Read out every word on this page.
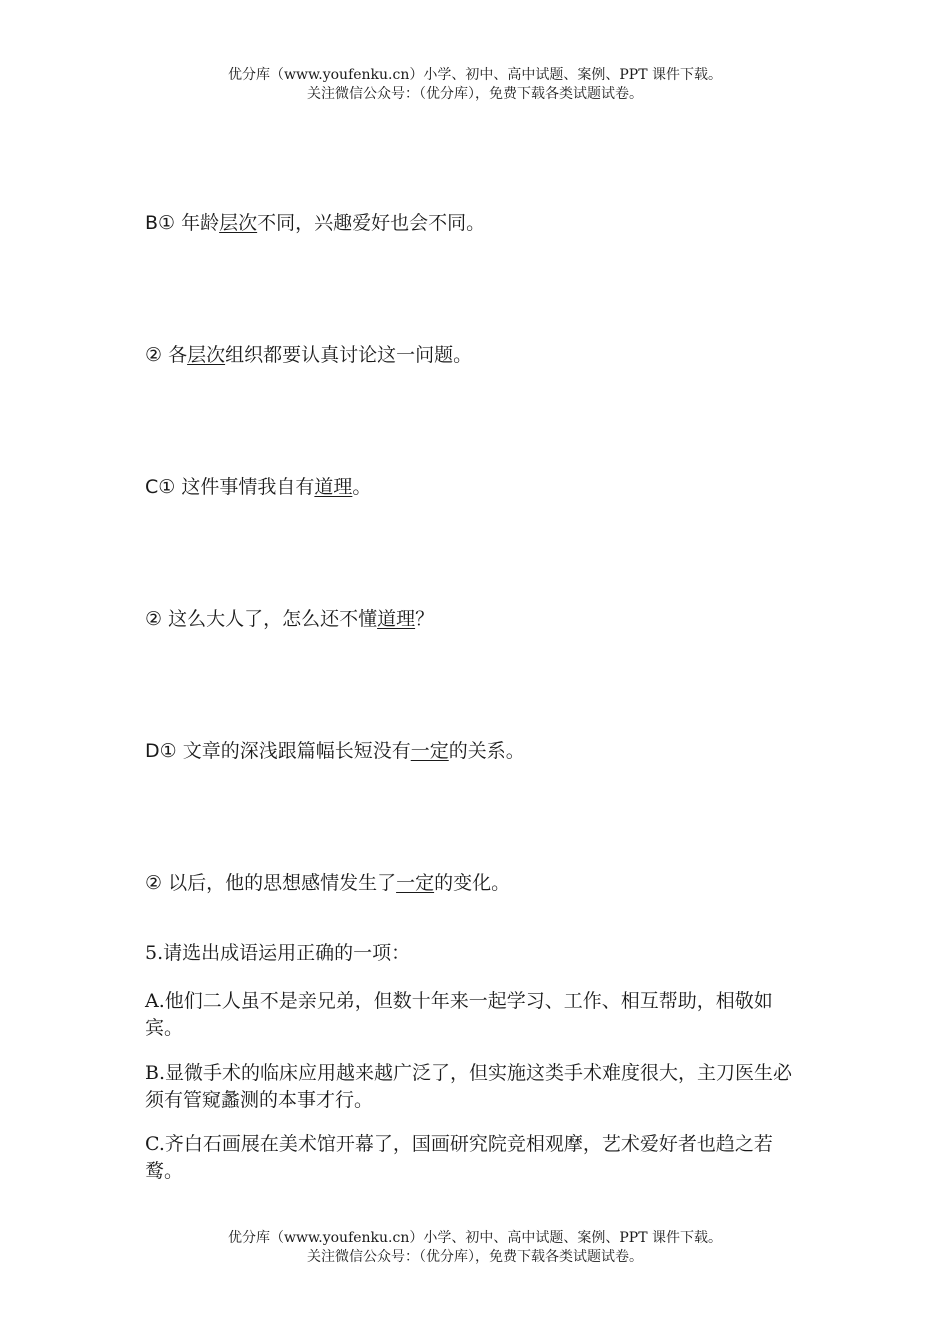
优分库（www.youfenku.cn）小学、初中、高中试题、案例、PPT 课件下载。
关注微信公众号：（优分库），免费下载各类试题试卷。
B① 年龄层次不同，兴趣爱好也会不同。
② 各层次组织都要认真讨论这一问题。
C① 这件事情我自有道理。
② 这么大人了，怎么还不懂道理？
D① 文章的深浅跟篇幅长短没有一定的关系。
② 以后，他的思想感情发生了一定的变化。
5.请选出成语运用正确的一项：
A.他们二人虽不是亲兄弟，但数十年来一起学习、工作、相互帮助，相敬如宾。
B.显微手术的临床应用越来越广泛了，但实施这类手术难度很大，主刀医生必须有管窥蠡测的本事才行。
C.齐白石画展在美术馆开幕了，国画研究院竞相观摩，艺术爱好者也趋之若鹜。
优分库（www.youfenku.cn）小学、初中、高中试题、案例、PPT 课件下载。
关注微信公众号：（优分库），免费下载各类试题试卷。
